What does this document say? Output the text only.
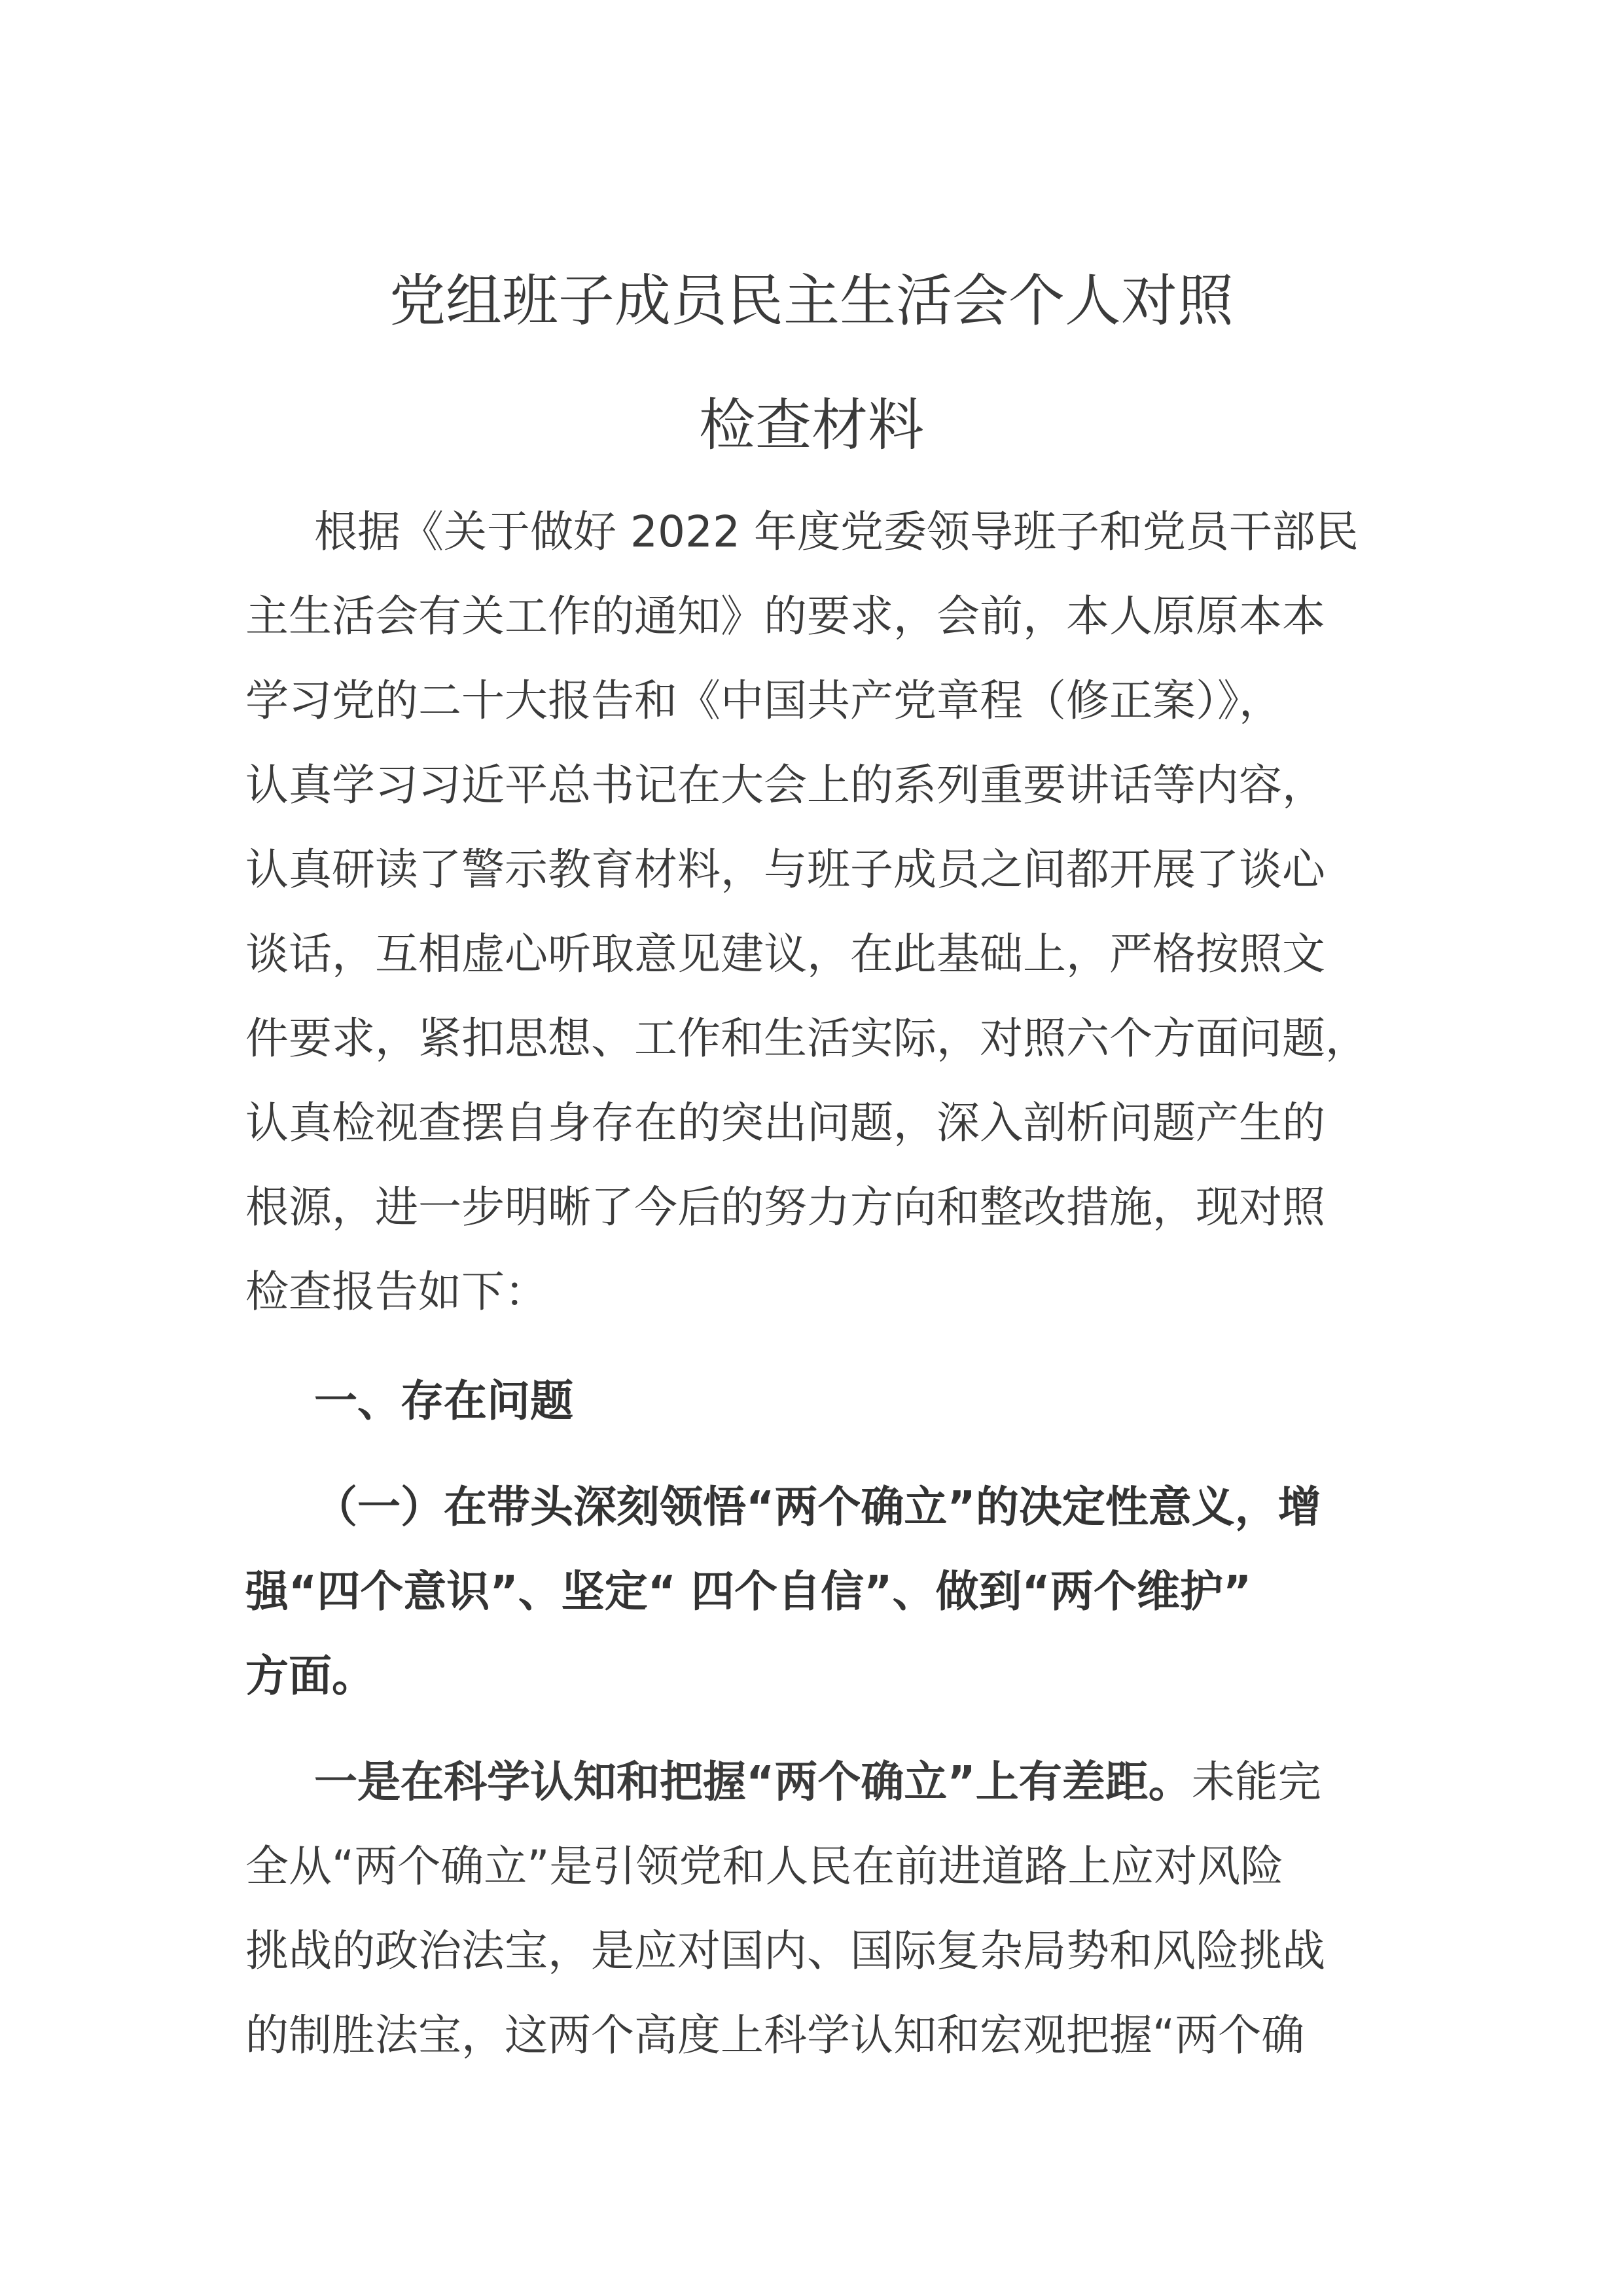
党组班子成员民主生活会个人对照
检查材料
根据《关于做好 2022 年度党委领导班子和党员干部民
主生活会有关工作的通知》的要求，会前，本人原原本本
学习党的二十大报告和《中国共产党章程（修正案）》，
认真学习习近平总书记在大会上的系列重要讲话等内容，
认真研读了警示教育材料，与班子成员之间都开展了谈心
谈话，互相虚心听取意见建议，在此基础上，严格按照文
件要求，紧扣思想、工作和生活实际，对照六个方面问题，
认真检视查摆自身存在的突出问题，深入剖析问题产生的
根源，进一步明晰了今后的努力方向和整改措施，现对照
检查报告如下：
一、存在问题
（一）在带头深刻领悟“两个确立”的决定性意义，增
强“四个意识”、坚定“ 四个自信”、做到“两个维护”
方面。
一是在科学认知和把握“两个确立”上有差距。未能完
全从“两个确立”是引领党和人民在前进道路上应对风险
挑战的政治法宝，是应对国内、国际复杂局势和风险挑战
的制胜法宝，这两个高度上科学认知和宏观把握“两个确
